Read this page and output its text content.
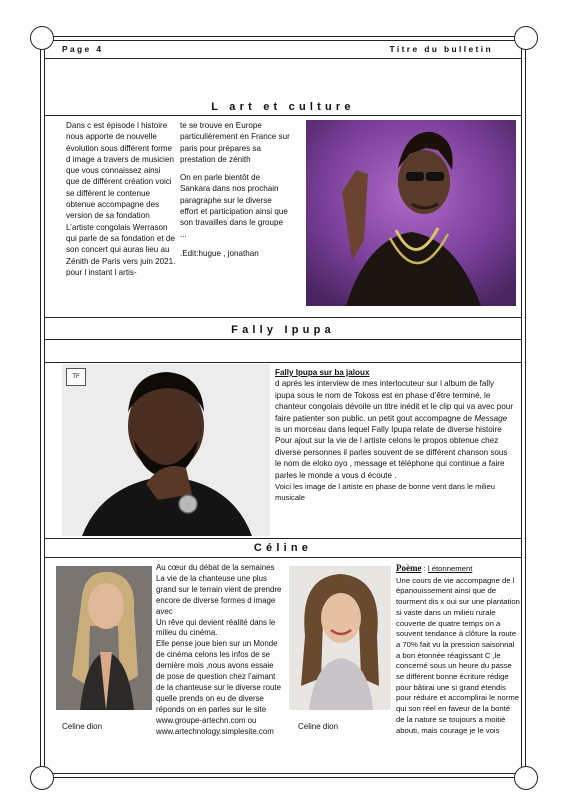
Page 4	Titre du bulletin
L art et culture

Dans c est épisode l histoire nous apporte de nouvelle évolution sous différent forme d image a travers de musicien que vous connaissez ainsi que de différent création voici se différent le contenue obtenue accompagne des version de sa fondation L’artiste congolais Werrason qui parle de sa fondation et de son concert qui auras lieu au Zénith de Paris vers juin 2021. pour l instant l artis-

te se trouve en Europe particulièrement en France sur paris pour prépares sa prestation de zénith

On en parle bientôt de Sankara dans nos prochain paragraphe sur le diverse effort et participation ainsi que son travailles dans le groupe ...

.Edit:hugue , jonathan

Fally Ipupa
TF	Fally Ipupa sur ba jaloux

d aprés les interview de mes interlocuteur sur l album de fally ipupa sous le nom de Tokoss est en phase d’être terminé, le chanteur congolais dévoile un titre inédit et le clip qui va avec pour faire patienter son public. un petit gout accompagne de Message is un morceau dans lequel Fally Ipupa relate de diverse histoire

Pour ajout sur la vie de l artiste celons le propos obtenue chez diverse personnes il parles souvent de se différent chanson sous le nom de eloko oyo , message et téléphone qui continue a faire parles le monde a vous d écoute .

Voici les image de l artiste en phase de bonne vent dans le milieu musicale

Céline
Celine dion

Au cœur du débat de la semaines La vie de la chanteuse une plus grand sur le terrain vient de prendre encore de diverse formes d image avec

Un rêve qui devient réalité dans le milieu du cinéma.

Elle pense joue bien sur un Monde de cinéma celons les infos de se dernière mois ,nous avons essaie de pose de question chez l’aimant de la chanteuse sur le diverse route quelle prends on eu de diverse réponds on en parles sur le site www.groupe-artechn.com ou www.artechnology.simplesite.com

Celine dion

Poème : l étonnement

Une cours de vie accompagne de l épanouissement ainsi que de tourment dis x oui sur une plantation si vaste dans un milieu rurale couverte de quatre temps on a souvent tendance à clôture la route a 70% fait vu la pression saisonnal a bon étonnée réagissant C ,le concerné sous un heure du passe se différent bonne écriture rédige pour bâtirai une si grand étendis pour réduire et accomplirai le norme qui son réel en faveur de la bonté de la nature se toujours a moitié abouti, mais courage je le vois
